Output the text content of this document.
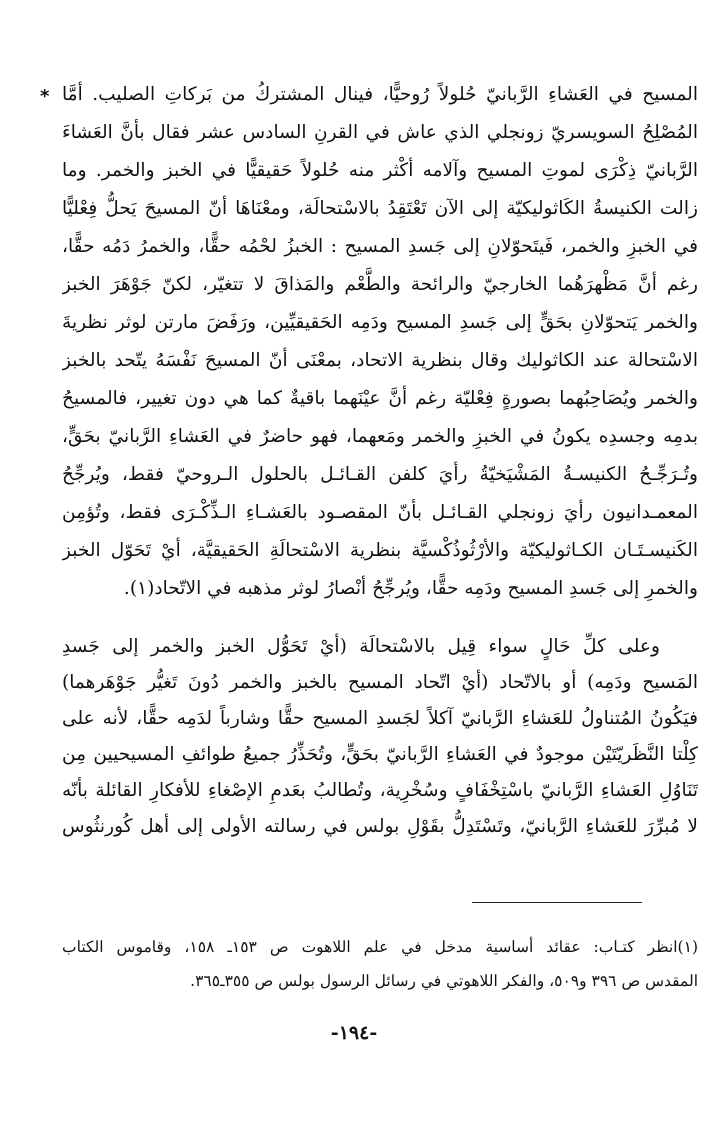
* المسيح في العَشاءِ الرَّبانيّ حُلولاً رُوحيًّا، فينال المشتركُ من بَركاتِ الصليب. أمَّا
المُصْلِحُ السويسريّ زونجلي الذي عاش في القرنِ السادس عشر فقال بأنَّ العَشاءَ
الرَّبانيّ ذِكْرَى لموتِ المسيح وآلامه أكْثر منه حُلولاً حَقيقيًّا في الخبز والخمر. وما
زالت الكنيسةُ الكَاثوليكيّة إلى الآن تَعْتَقِدُ بالاسْتحالَة، ومعْنَاهَا أنّ المسيحَ يَحلُّ فِعْليًّا
في الخبزِ والخمر، فَيتَحوّلانِ إلى جَسدِ المسيح : الخبزُ لحْمُه حقًّا، والخمرُ دَمُه حقًّا،
رغم أنَّ مَظْهرَهُما الخارجيّ والرائحة والطَّعْم والمَذاقَ لا تتغيّر، لكنّ جَوْهَرَ الخبز
والخمر يَتحوّلانِ بحَقٍّ إلى جَسدِ المسيح ودَمِه الحَقيقيِّين، ورَفَضَ مارتن لوثر نظريةَ
الاسْتحالة عند الكاثوليك وقال بنظرية الاتحاد، بمعْنَى أنّ المسيحَ نَفْسَهُ يتّحد بالخبز
والخمر ويُصَاحِبُهما بصورةٍ فِعْليّة رغم أنَّ عيْنَهما باقيةٌ كما هي دون تغيير، فالمسيحُ
بدمِه وجسدِه يكونُ في الخبزِ والخمر ومَعهما، فهو حاضرٌ في العَشاءِ الرَّبانيّ بحَقٍّ،
وتُـرَجِّـحُ الكنيسـةُ المَشْيَخيّةُ رأيَ كلفن القـائـل بالحلول الـروحيّ فقط، ويُرجِّحُ
المعمـدانيون رأيَ زونجلي القـائـل بأنّ المقصـود بالعَشـاءِ الـذِّكْـرَى فقط، وتُؤمِن
الكَنيسـتَـان الكـاثوليكيّة والأرْثُوذُكْسيَّة بنظرية الاسْتحالَةِ الحَقيقيَّة، أيْ تَحَوّل الخبز
والخمرِ إلى جَسدِ المسيح ودَمِه حقًّا، ويُرجِّحُ أنْصارُ لوثر مذهبه في الاتّحاد(١).

وعلى كلِّ حَالٍ سواء قِيل بالاسْتحالَة (أيْ تَحَوُّل الخبز والخمر إلى جَسدِ
المَسيح ودَمِه) أو بالاتّحاد (أيْ اتّحاد المسيح بالخبز والخمر دُونَ تَغيُّر جَوْهَرهما)
فيَكُونُ المُتناولُ للعَشاءِ الرَّبانيّ آكلاً لجَسدِ المسيح حقًّا وشارباً لدَمِه حقًّا، لأنه على
كِلْتا النَّظَريّتَيْن موجودٌ في العَشاءِ الرَّبانيّ بحَقٍّ، وتُحَذِّرُ جميعُ طوائفِ المسيحيين مِن
تَنَاوُلِ العَشاءِ الرَّبانيّ باسْتِخْفَافٍ وسُخْرِية، وتُطالبُ بعَدمِ الإصْغاءِ للأفكارِ القائلة بأنّه
لا مُبرِّرَ للعَشاءِ الرَّبانيّ، وتَسْتَدِلُّ بقَوْلِ بولس في رسالته الأولى إلى أهل كُورنثُوس

(١)انظر كتـاب: عقائد أساسية مدخل في علم اللاهوت ص ١٥٣ـ ١٥٨، وقاموس الكتاب
المقدس ص ٣٩٦ و٥٠٩، والفكر اللاهوتي في رسائل الرسول بولس ص ٣٥٥ـ٣٦٥.

-١٩٤-
